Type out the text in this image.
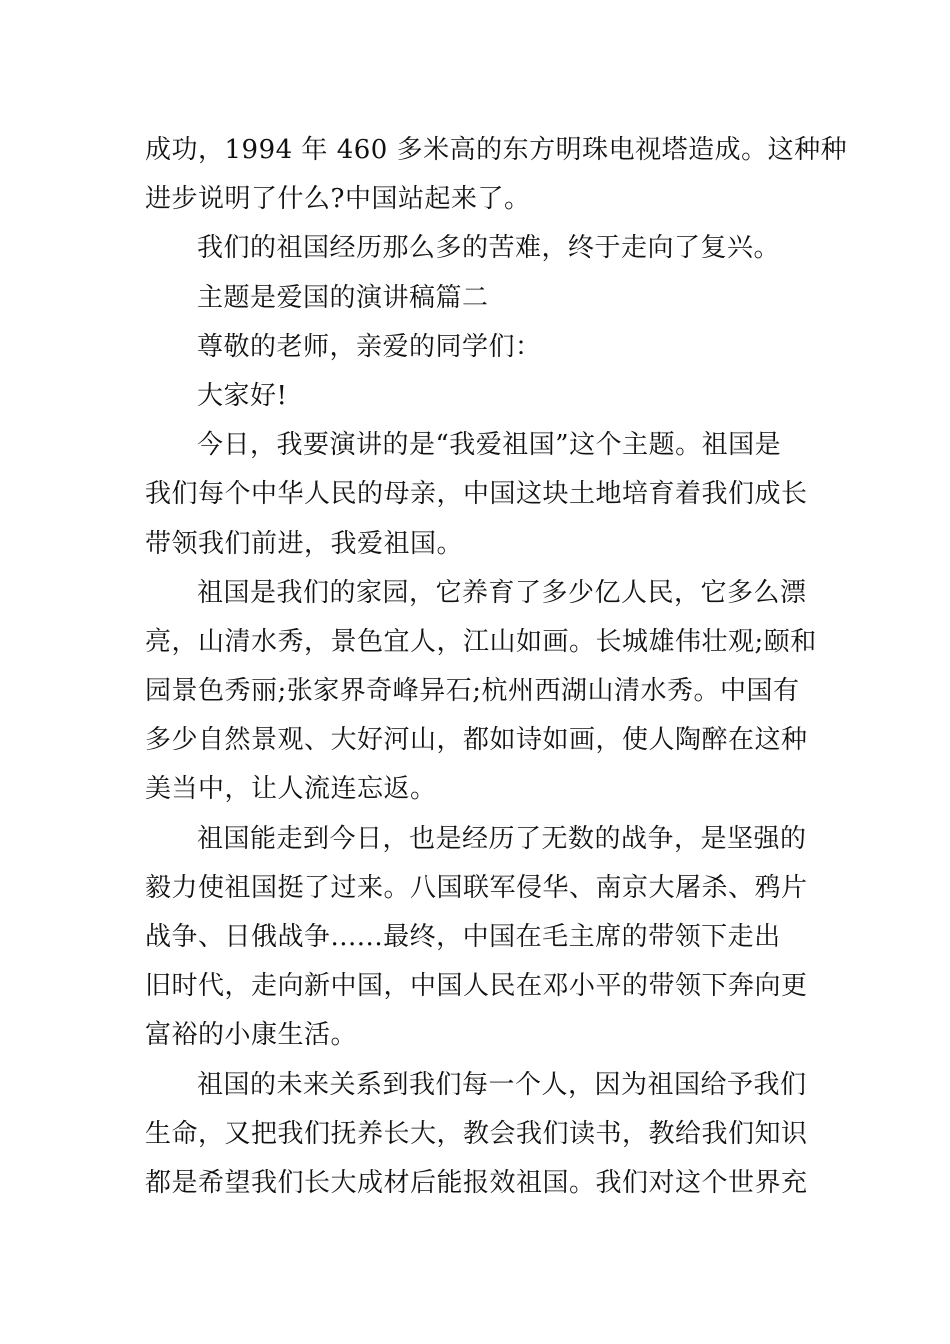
成功，1994 年 460 多米高的东方明珠电视塔造成。这种种
进步说明了什么?中国站起来了。
我们的祖国经历那么多的苦难，终于走向了复兴。
主题是爱国的演讲稿篇二
尊敬的老师，亲爱的同学们：
大家好!
今日，我要演讲的是“我爱祖国”这个主题。祖国是
我们每个中华人民的母亲，中国这块土地培育着我们成长
带领我们前进，我爱祖国。
祖国是我们的家园，它养育了多少亿人民，它多么漂
亮，山清水秀，景色宜人，江山如画。长城雄伟壮观;颐和
园景色秀丽;张家界奇峰异石;杭州西湖山清水秀。中国有
多少自然景观、大好河山，都如诗如画，使人陶醉在这种
美当中，让人流连忘返。
祖国能走到今日，也是经历了无数的战争，是坚强的
毅力使祖国挺了过来。八国联军侵华、南京大屠杀、鸦片
战争、日俄战争......最终，中国在毛主席的带领下走出
旧时代，走向新中国，中国人民在邓小平的带领下奔向更
富裕的小康生活。
祖国的未来关系到我们每一个人，因为祖国给予我们
生命，又把我们抚养长大，教会我们读书，教给我们知识
都是希望我们长大成材后能报效祖国。我们对这个世界充
